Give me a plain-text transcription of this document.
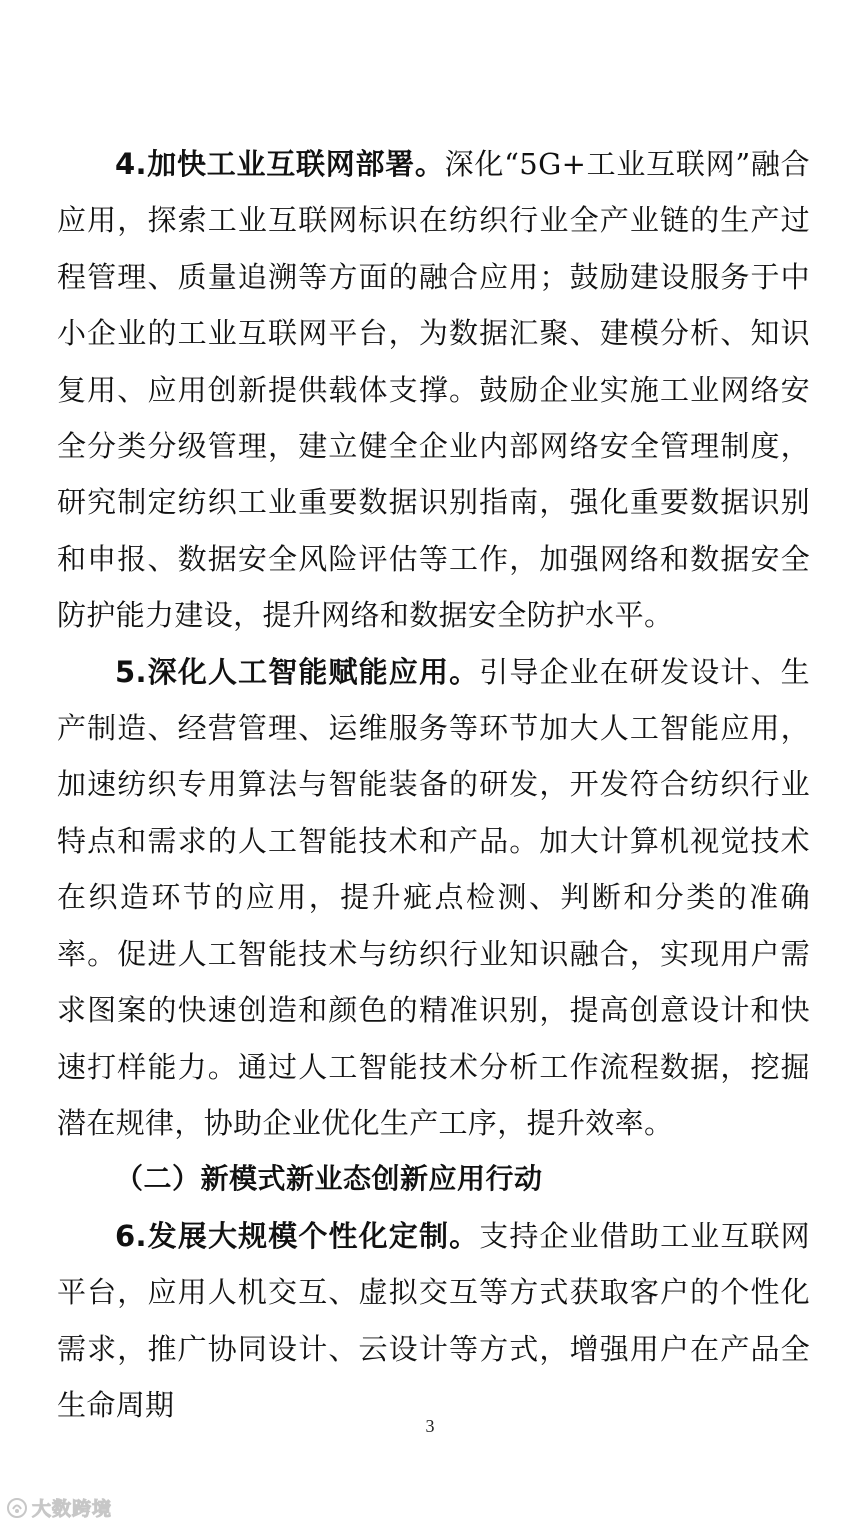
4.加快工业互联网部署。深化“5G+工业互联网”融合应用，探索工业互联网标识在纺织行业全产业链的生产过程管理、质量追溯等方面的融合应用；鼓励建设服务于中小企业的工业互联网平台，为数据汇聚、建模分析、知识复用、应用创新提供载体支撑。鼓励企业实施工业网络安全分类分级管理，建立健全企业内部网络安全管理制度，研究制定纺织工业重要数据识别指南，强化重要数据识别和申报、数据安全风险评估等工作，加强网络和数据安全防护能力建设，提升网络和数据安全防护水平。

5.深化人工智能赋能应用。引导企业在研发设计、生产制造、经营管理、运维服务等环节加大人工智能应用，加速纺织专用算法与智能装备的研发，开发符合纺织行业特点和需求的人工智能技术和产品。加大计算机视觉技术在织造环节的应用，提升疵点检测、判断和分类的准确率。促进人工智能技术与纺织行业知识融合，实现用户需求图案的快速创造和颜色的精准识别，提高创意设计和快速打样能力。通过人工智能技术分析工作流程数据，挖掘潜在规律，协助企业优化生产工序，提升效率。

（二）新模式新业态创新应用行动

6.发展大规模个性化定制。支持企业借助工业互联网平台，应用人机交互、虚拟交互等方式获取客户的个性化需求，推广协同设计、云设计等方式，增强用户在产品全生命周期

3
大数跨境
